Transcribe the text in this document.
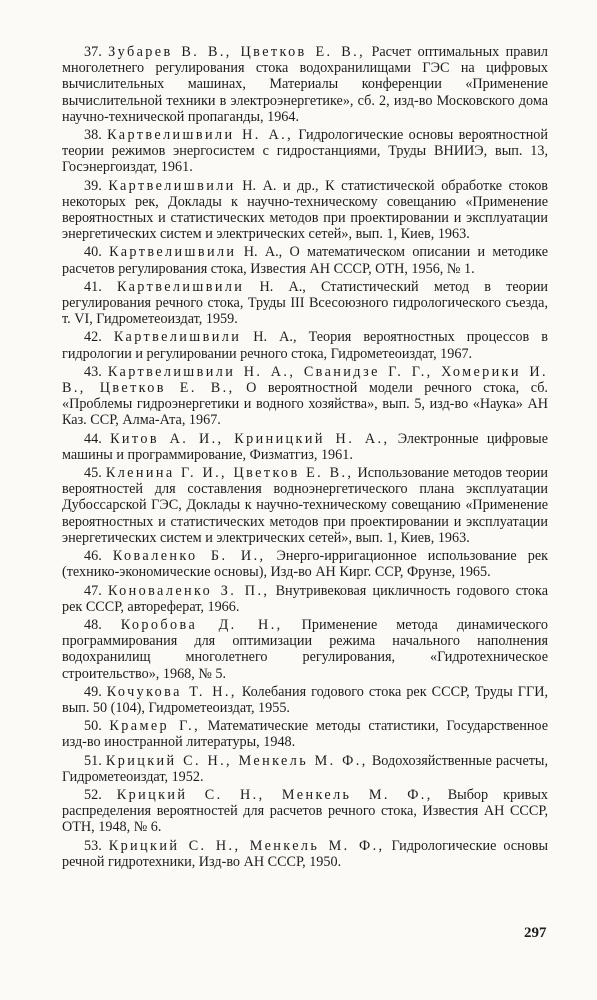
37. Зубарев В. В., Цветков Е. В., Расчет оптимальных правил многолетнего регулирования стока водохранилищами ГЭС на цифровых вычислительных машинах, Материалы конференции «Применение вычислительной техники в электроэнергетике», сб. 2, изд-во Московского дома научно-технической пропаганды, 1964.

38. Картвелишвили Н. А., Гидрологические основы вероятностной теории режимов энергосистем с гидростанциями, Труды ВНИИЭ, вып. 13, Госэнергоиздат, 1961.

39. Картвелишвили Н. А. и др., К статистической обработке стоков некоторых рек, Доклады к научно-техническому совещанию «Применение вероятностных и статистических методов при проектировании и эксплуатации энергетических систем и электрических сетей», вып. 1, Киев, 1963.

40. Картвелишвили Н. А., О математическом описании и методике расчетов регулирования стока, Известия АН СССР, ОТН, 1956, № 1.

41. Картвелишвили Н. А., Статистический метод в теории регулирования речного стока, Труды III Всесоюзного гидрологического съезда, т. VI, Гидрометеоиздат, 1959.

42. Картвелишвили Н. А., Теория вероятностных процессов в гидрологии и регулировании речного стока, Гидрометеоиздат, 1967.

43. Картвелишвили Н. А., Сванидзе Г. Г., Хомерики И. В., Цветков Е. В., О вероятностной модели речного стока, сб. «Проблемы гидроэнергетики и водного хозяйства», вып. 5, изд-во «Наука» АН Каз. ССР, Алма-Ата, 1967.

44. Китов А. И., Криницкий Н. А., Электронные цифровые машины и программирование, Физматгиз, 1961.

45. Кленина Г. И., Цветков Е. В., Использование методов теории вероятностей для составления водноэнергетического плана эксплуатации Дубоссарской ГЭС, Доклады к научно-техническому совещанию «Применение вероятностных и статистических методов при проектировании и эксплуатации энергетических систем и электрических сетей», вып. 1, Киев, 1963.

46. Коваленко Б. И., Энерго-ирригационное использование рек (технико-экономические основы), Изд-во АН Кирг. ССР, Фрунзе, 1965.

47. Коноваленко З. П., Внутривековая цикличность годового стока рек СССР, автореферат, 1966.

48. Коробова Д. Н., Применение метода динамического программирования для оптимизации режима начального наполнения водохранилищ многолетнего регулирования, «Гидротехническое строительство», 1968, № 5.

49. Кочукова Т. Н., Колебания годового стока рек СССР, Труды ГГИ, вып. 50 (104), Гидрометеоиздат, 1955.

50. Крамер Г., Математические методы статистики, Государственное изд-во иностранной литературы, 1948.

51. Крицкий С. Н., Менкель М. Ф., Водохозяйственные расчеты, Гидрометеоиздат, 1952.

52. Крицкий С. Н., Менкель М. Ф., Выбор кривых распределения вероятностей для расчетов речного стока, Известия АН СССР, ОТН, 1948, № 6.

53. Крицкий С. Н., Менкель М. Ф., Гидрологические основы речной гидротехники, Изд-во АН СССР, 1950.

297
